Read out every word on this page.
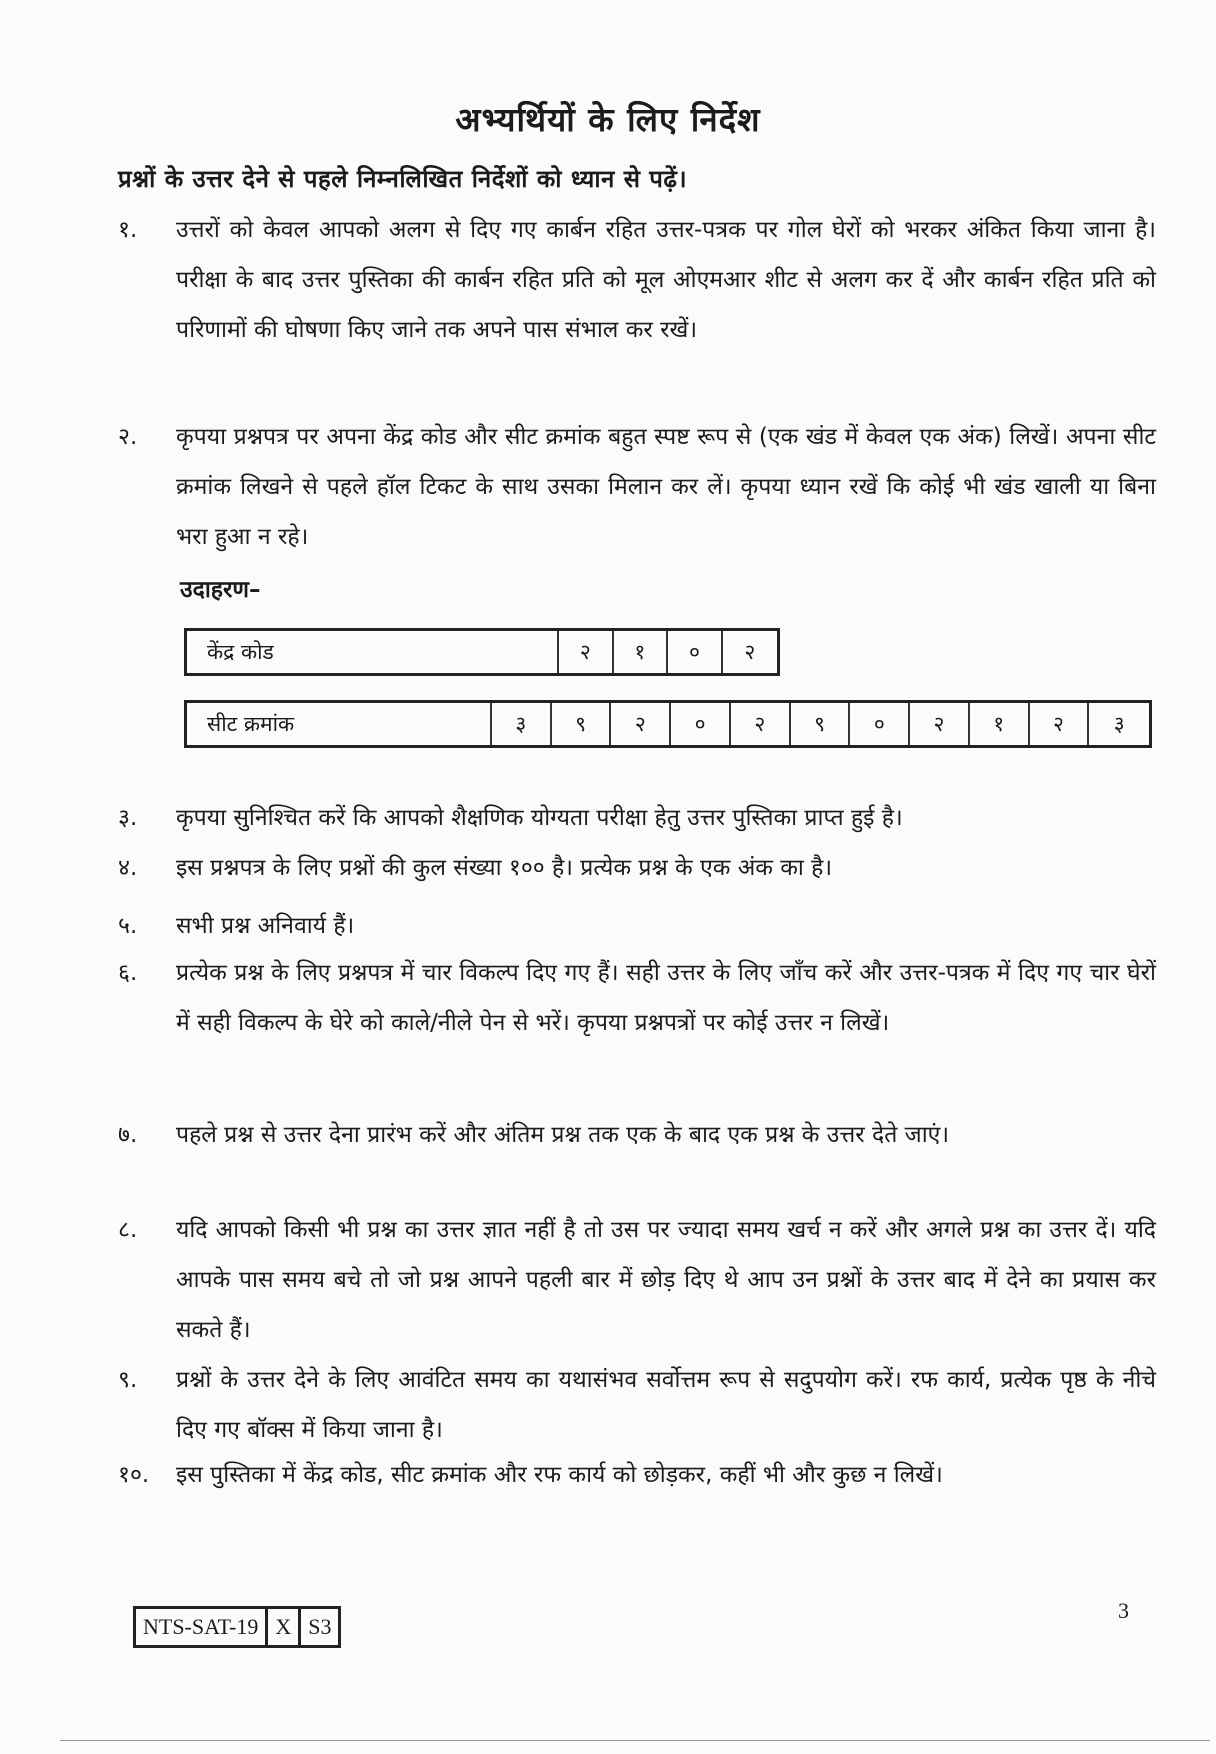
अभ्यर्थियों के लिए निर्देश
प्रश्नों के उत्तर देने से पहले निम्नलिखित निर्देशों को ध्यान से पढ़ें।
१.	उत्तरों को केवल आपको अलग से दिए गए कार्बन रहित उत्तर-पत्रक पर गोल घेरों को भरकर अंकित किया जाना है। परीक्षा के बाद उत्तर पुस्तिका की कार्बन रहित प्रति को मूल ओएमआर शीट से अलग कर दें और कार्बन रहित प्रति को परिणामों की घोषणा किए जाने तक अपने पास संभाल कर रखें।
२.	कृपया प्रश्नपत्र पर अपना केंद्र कोड और सीट क्रमांक बहुत स्पष्ट रूप से (एक खंड में केवल एक अंक) लिखें। अपना सीट क्रमांक लिखने से पहले हॉल टिकट के साथ उसका मिलान कर लें। कृपया ध्यान रखें कि कोई भी खंड खाली या बिना भरा हुआ न रहे।
उदाहरण–
केंद्र कोड	२	१	०	२
सीट क्रमांक	३	९	२	०	२	९	०	२	१	२	३
३.	कृपया सुनिश्चित करें कि आपको शैक्षणिक योग्यता परीक्षा हेतु उत्तर पुस्तिका प्राप्त हुई है।
४.	इस प्रश्नपत्र के लिए प्रश्नों की कुल संख्या १०० है। प्रत्येक प्रश्न के एक अंक का है।
५.	सभी प्रश्न अनिवार्य हैं।
६.	प्रत्येक प्रश्न के लिए प्रश्नपत्र में चार विकल्प दिए गए हैं। सही उत्तर के लिए जाँच करें और उत्तर-पत्रक में दिए गए चार घेरों में सही विकल्प के घेरे को काले/नीले पेन से भरें। कृपया प्रश्नपत्रों पर कोई उत्तर न लिखें।
७.	पहले प्रश्न से उत्तर देना प्रारंभ करें और अंतिम प्रश्न तक एक के बाद एक प्रश्न के उत्तर देते जाएं।
८.	यदि आपको किसी भी प्रश्न का उत्तर ज्ञात नहीं है तो उस पर ज्यादा समय खर्च न करें और अगले प्रश्न का उत्तर दें। यदि आपके पास समय बचे तो जो प्रश्न आपने पहली बार में छोड़ दिए थे आप उन प्रश्नों के उत्तर बाद में देने का प्रयास कर सकते हैं।
९.	प्रश्नों के उत्तर देने के लिए आवंटित समय का यथासंभव सर्वोत्तम रूप से सदुपयोग करें। रफ कार्य, प्रत्येक पृष्ठ के नीचे दिए गए बॉक्स में किया जाना है।
१०.	इस पुस्तिका में केंद्र कोड, सीट क्रमांक और रफ कार्य को छोड़कर, कहीं भी और कुछ न लिखें।
NTS-SAT-19 X S3
3
